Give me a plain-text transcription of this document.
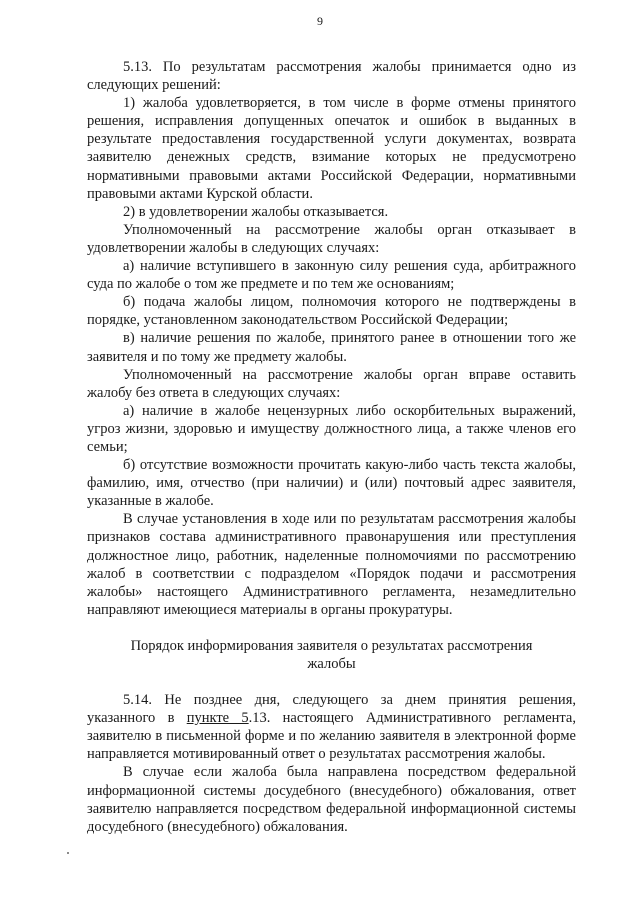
9

5.13. По результатам рассмотрения жалобы принимается одно из следующих решений:

1) жалоба удовлетворяется, в том числе в форме отмены принятого решения, исправления допущенных опечаток и ошибок в выданных в результате предоставления государственной услуги документах, возврата заявителю денежных средств, взимание которых не предусмотрено нормативными правовыми актами Российской Федерации, нормативными правовыми актами Курской области.

2) в удовлетворении жалобы отказывается.

Уполномоченный на рассмотрение жалобы орган отказывает в удовлетворении жалобы в следующих случаях:

а) наличие вступившего в законную силу решения суда, арбитражного суда по жалобе о том же предмете и по тем же основаниям;

б) подача жалобы лицом, полномочия которого не подтверждены в порядке, установленном законодательством Российской Федерации;

в) наличие решения по жалобе, принятого ранее в отношении того же заявителя и по тому же предмету жалобы.

Уполномоченный на рассмотрение жалобы орган вправе оставить жалобу без ответа в следующих случаях:

а) наличие в жалобе нецензурных либо оскорбительных выражений, угроз жизни, здоровью и имуществу должностного лица, а также членов его семьи;

б) отсутствие возможности прочитать какую-либо часть текста жалобы, фамилию, имя, отчество (при наличии) и (или) почтовый адрес заявителя, указанные в жалобе.

В случае установления в ходе или по результатам рассмотрения жалобы признаков состава административного правонарушения или преступления должностное лицо, работник, наделенные полномочиями по рассмотрению жалоб в соответствии с подразделом «Порядок подачи и рассмотрения жалобы» настоящего Административного регламента, незамедлительно направляют имеющиеся материалы в органы прокуратуры.

Порядок информирования заявителя о результатах рассмотрения жалобы

5.14. Не позднее дня, следующего за днем принятия решения, указанного в пункте 5.13. настоящего Административного регламента, заявителю в письменной форме и по желанию заявителя в электронной форме направляется мотивированный ответ о результатах рассмотрения жалобы.

В случае если жалоба была направлена посредством федеральной информационной системы досудебного (внесудебного) обжалования, ответ заявителю направляется посредством федеральной информационной системы досудебного (внесудебного) обжалования.
